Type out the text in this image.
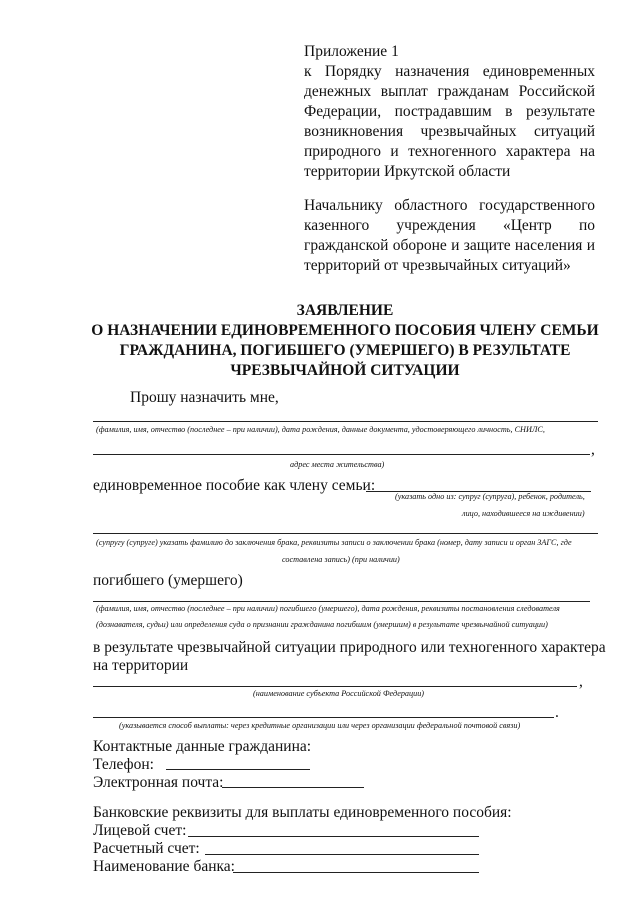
Приложение 1
к Порядку назначения единовременных
денежных выплат гражданам Российской
Федерации, пострадавшим в результате
возникновения чрезвычайных ситуаций
природного и техногенного характера на
территории Иркутской области
Начальнику областного государственного
казенного учреждения «Центр по
гражданской обороне и защите населения и
территорий от чрезвычайных ситуаций»
ЗАЯВЛЕНИЕ
О НАЗНАЧЕНИИ ЕДИНОВРЕМЕННОГО ПОСОБИЯ ЧЛЕНУ СЕМЬИ
ГРАЖДАНИНА, ПОГИБШЕГО (УМЕРШЕГО) В РЕЗУЛЬТАТЕ
ЧРЕЗВЫЧАЙНОЙ СИТУАЦИИ
Прошу назначить мне,
(фамилия, имя, отчество (последнее – при наличии), дата рождения, данные документа, удостоверяющего личность, СНИЛС,
,
адрес места жительства)
единовременное пособие как члену семьи:
(указать одно из: супруг (супруга), ребенок, родитель,
лицо, находившееся на иждивении)
(супругу (супруге) указать фамилию до заключения брака, реквизиты записи о заключении брака (номер, дату записи и орган ЗАГС, где
составлена запись) (при наличии)
погибшего (умершего)
(фамилия, имя, отчество (последнее – при наличии) погибшего (умершего), дата рождения, реквизиты постановления следователя
(дознавателя, судьи) или определения суда о признании гражданина погибшим (умершим) в результате чрезвычайной ситуации)
в результате чрезвычайной ситуации природного или техногенного характера
на территории
,
(наименование субъекта Российской Федерации)
.
(указывается способ выплаты: через кредитные организации или через организации федеральной почтовой связи)
Контактные данные гражданина:
Телефон:
Электронная почта:
Банковские реквизиты для выплаты единовременного пособия:
Лицевой счет:
Расчетный счет:
Наименование банка:
